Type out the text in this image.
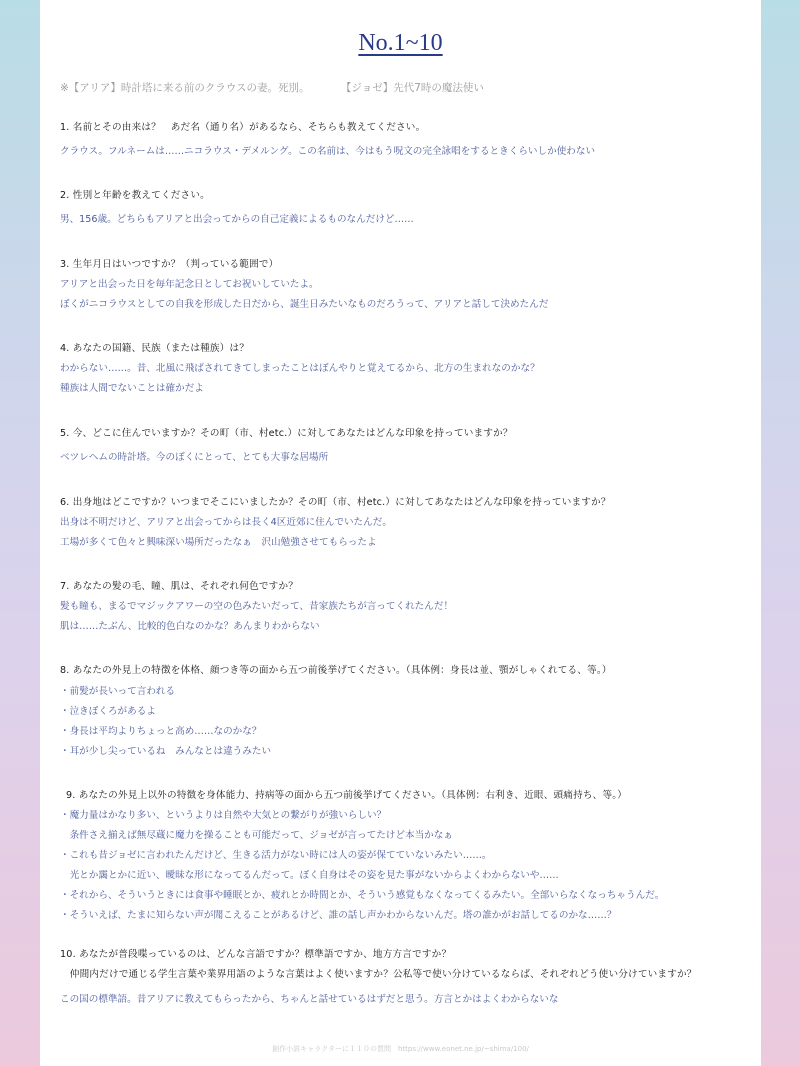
No.1~10
※【アリア】時計塔に来る前のクラウスの妻。死別。	【ジョゼ】先代7時の魔法使い
1. 名前とその由来は？　あだ名（通り名）があるなら、そちらも教えてください。
クラウス。フルネームは……ニコラウス・デメルング。この名前は、今はもう呪文の完全詠唱をするときくらいしか使わない
2. 性別と年齢を教えてください。
男、156歳。どちらもアリアと出会ってからの自己定義によるものなんだけど……
3. 生年月日はいつですか？（判っている範囲で）
アリアと出会った日を毎年記念日としてお祝いしていたよ。
ぼくがニコラウスとしての自我を形成した日だから、誕生日みたいなものだろうって、アリアと話して決めたんだ
4. あなたの国籍、民族（または種族）は？
わからない……。昔、北風に飛ばされてきてしまったことはぼんやりと覚えてるから、北方の生まれなのかな？
種族は人間でないことは確かだよ
5. 今、どこに住んでいますか？その町（市、村etc.）に対してあなたはどんな印象を持っていますか？
ベツレヘムの時計塔。今のぼくにとって、とても大事な居場所
6. 出身地はどこですか？いつまでそこにいましたか？その町（市、村etc.）に対してあなたはどんな印象を持っていますか？
出身は不明だけど、アリアと出会ってからは長く4区近郊に住んでいたんだ。
工場が多くて色々と興味深い場所だったなぁ　沢山勉強させてもらったよ
7. あなたの髪の毛、瞳、肌は、それぞれ何色ですか？
髪も瞳も、まるでマジックアワーの空の色みたいだって、昔家族たちが言ってくれたんだ！
肌は……たぶん、比較的色白なのかな？あんまりわからない
8. あなたの外見上の特徴を体格、顔つき等の面から五つ前後挙げてください。（具体例：身長は並、顎がしゃくれてる、等。）
・前髪が長いって言われる
・泣きぼくろがあるよ
・身長は平均よりちょっと高め……なのかな？
・耳が少し尖っているね　みんなとは違うみたい
9. あなたの外見上以外の特徴を身体能力、持病等の面から五つ前後挙げてください。（具体例：右利き、近眼、頭痛持ち、等。）
・魔力量はかなり多い、というよりは自然や大気との繋がりが強いらしい？
　条件さえ揃えば無尽蔵に魔力を操ることも可能だって、ジョゼが言ってたけど本当かなぁ
・これも昔ジョゼに言われたんだけど、生きる活力がない時には人の姿が保てていないみたい……。
　光とか靄とかに近い、曖昧な形になってるんだって。ぼく自身はその姿を見た事がないからよくわからないや……
・それから、そういうときには食事や睡眠とか、疲れとか時間とか、そういう感覚もなくなってくるみたい。全部いらなくなっちゃうんだ。
・そういえば、たまに知らない声が聞こえることがあるけど、誰の話し声かわからないんだ。塔の誰かがお話してるのかな……？
10. あなたが普段喋っているのは、どんな言語ですか？標準語ですか、地方方言ですか？
　仲間内だけで通じる学生言葉や業界用語のような言葉はよく使いますか？公私等で使い分けているならば、それぞれどう使い分けていますか？
この国の標準語。昔アリアに教えてもらったから、ちゃんと話せているはずだと思う。方言とかはよくわからないな
創作小説キャラクターに１１０の質問　https://www.eonet.ne.jp/~shima/100/
